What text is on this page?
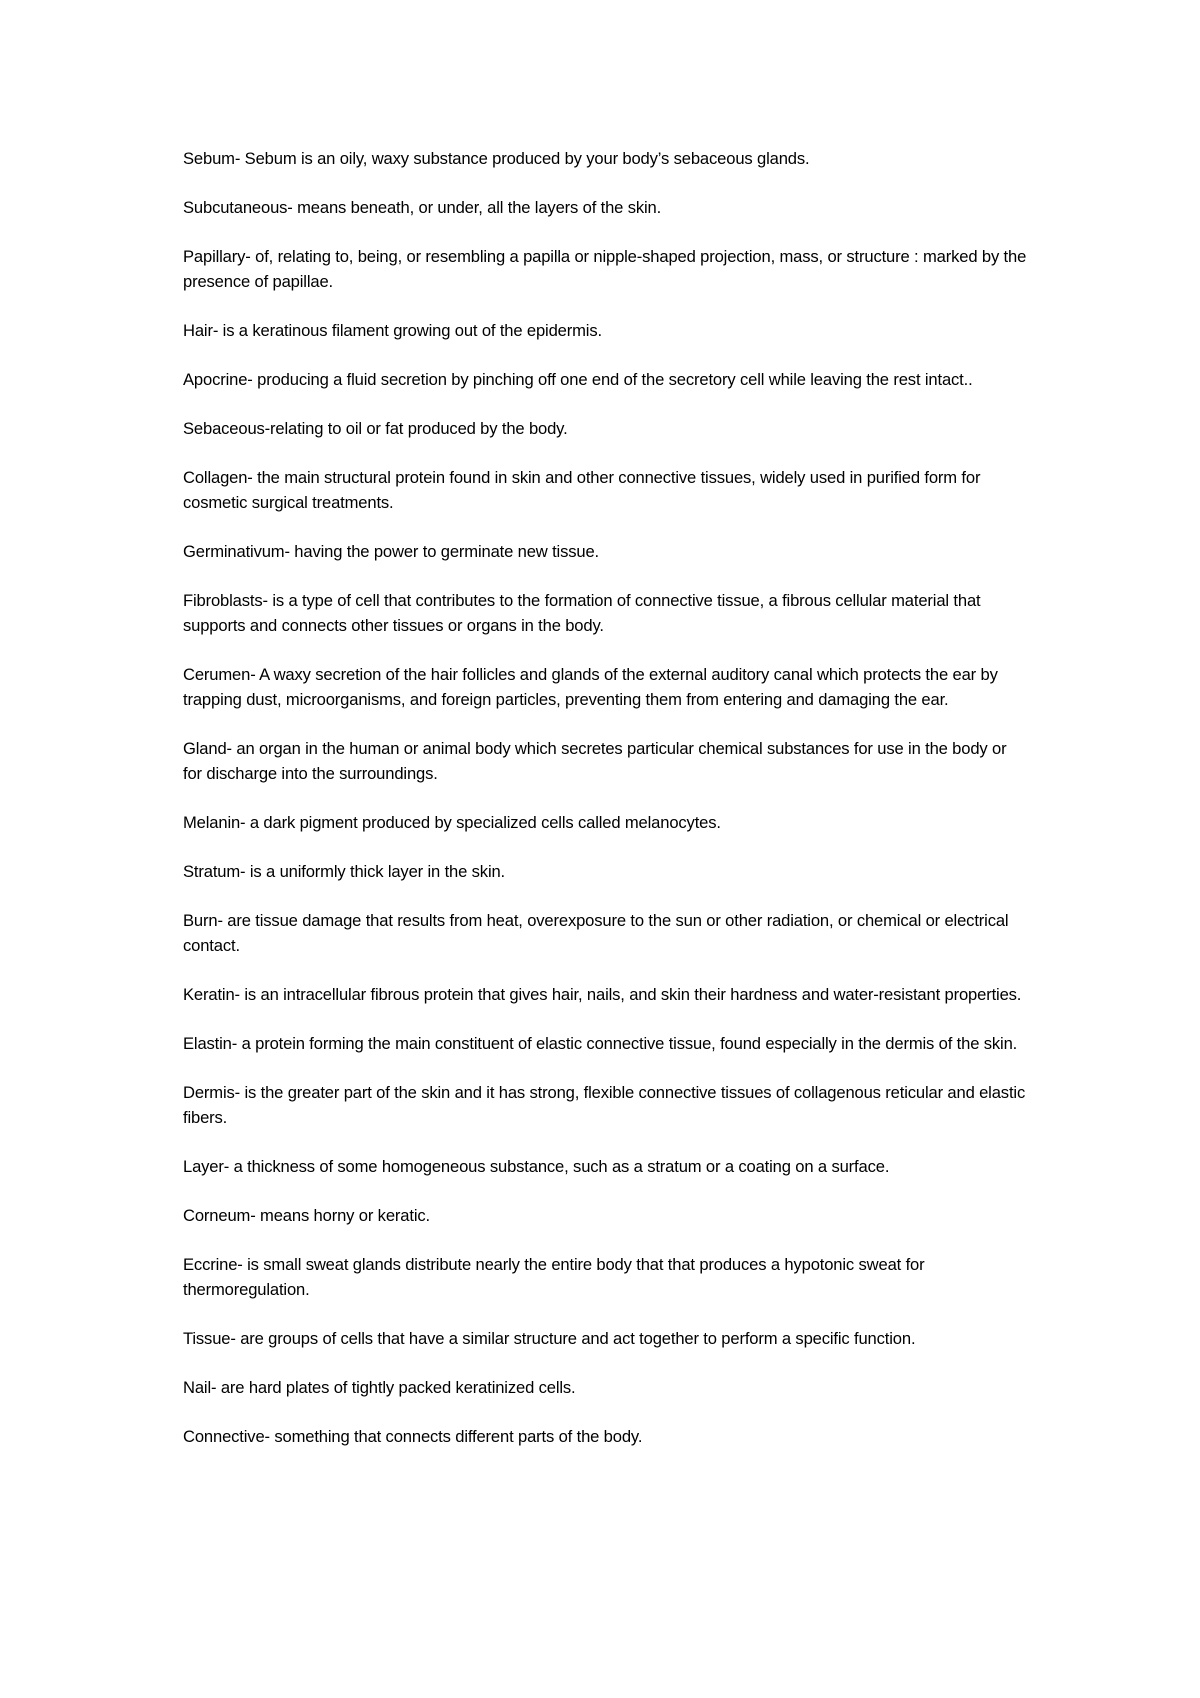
Sebum- Sebum is an oily, waxy substance produced by your body’s sebaceous glands.

Subcutaneous- means beneath, or under, all the layers of the skin.

Papillary- of, relating to, being, or resembling a papilla or nipple-shaped projection, mass, or structure : marked by the presence of papillae.

Hair- is a keratinous filament growing out of the epidermis.

Apocrine- producing a fluid secretion by pinching off one end of the secretory cell while leaving the rest intact..

Sebaceous-relating to oil or fat produced by the body.

Collagen- the main structural protein found in skin and other connective tissues, widely used in purified form for cosmetic surgical treatments.

Germinativum- having the power to germinate new tissue.

Fibroblasts- is a type of cell that contributes to the formation of connective tissue, a fibrous cellular material that supports and connects other tissues or organs in the body.

Cerumen- A waxy secretion of the hair follicles and glands of the external auditory canal which protects the ear by trapping dust, microorganisms, and foreign particles, preventing them from entering and damaging the ear.

Gland- an organ in the human or animal body which secretes particular chemical substances for use in the body or for discharge into the surroundings.

Melanin- a dark pigment produced by specialized cells called melanocytes.

Stratum- is a uniformly thick layer in the skin.

Burn- are tissue damage that results from heat, overexposure to the sun or other radiation, or chemical or electrical contact.

Keratin- is an intracellular fibrous protein that gives hair, nails, and skin their hardness and water-resistant properties.

Elastin- a protein forming the main constituent of elastic connective tissue, found especially in the dermis of the skin.

Dermis- is the greater part of the skin and it has strong, flexible connective tissues of collagenous reticular and elastic fibers.

Layer- a thickness of some homogeneous substance, such as a stratum or a coating on a surface.

Corneum- means horny or keratic.

Eccrine- is small sweat glands distribute nearly the entire body that that produces a hypotonic sweat for thermoregulation.

Tissue- are groups of cells that have a similar structure and act together to perform a specific function.

Nail- are hard plates of tightly packed keratinized cells.

Connective- something that connects different parts of the body.
